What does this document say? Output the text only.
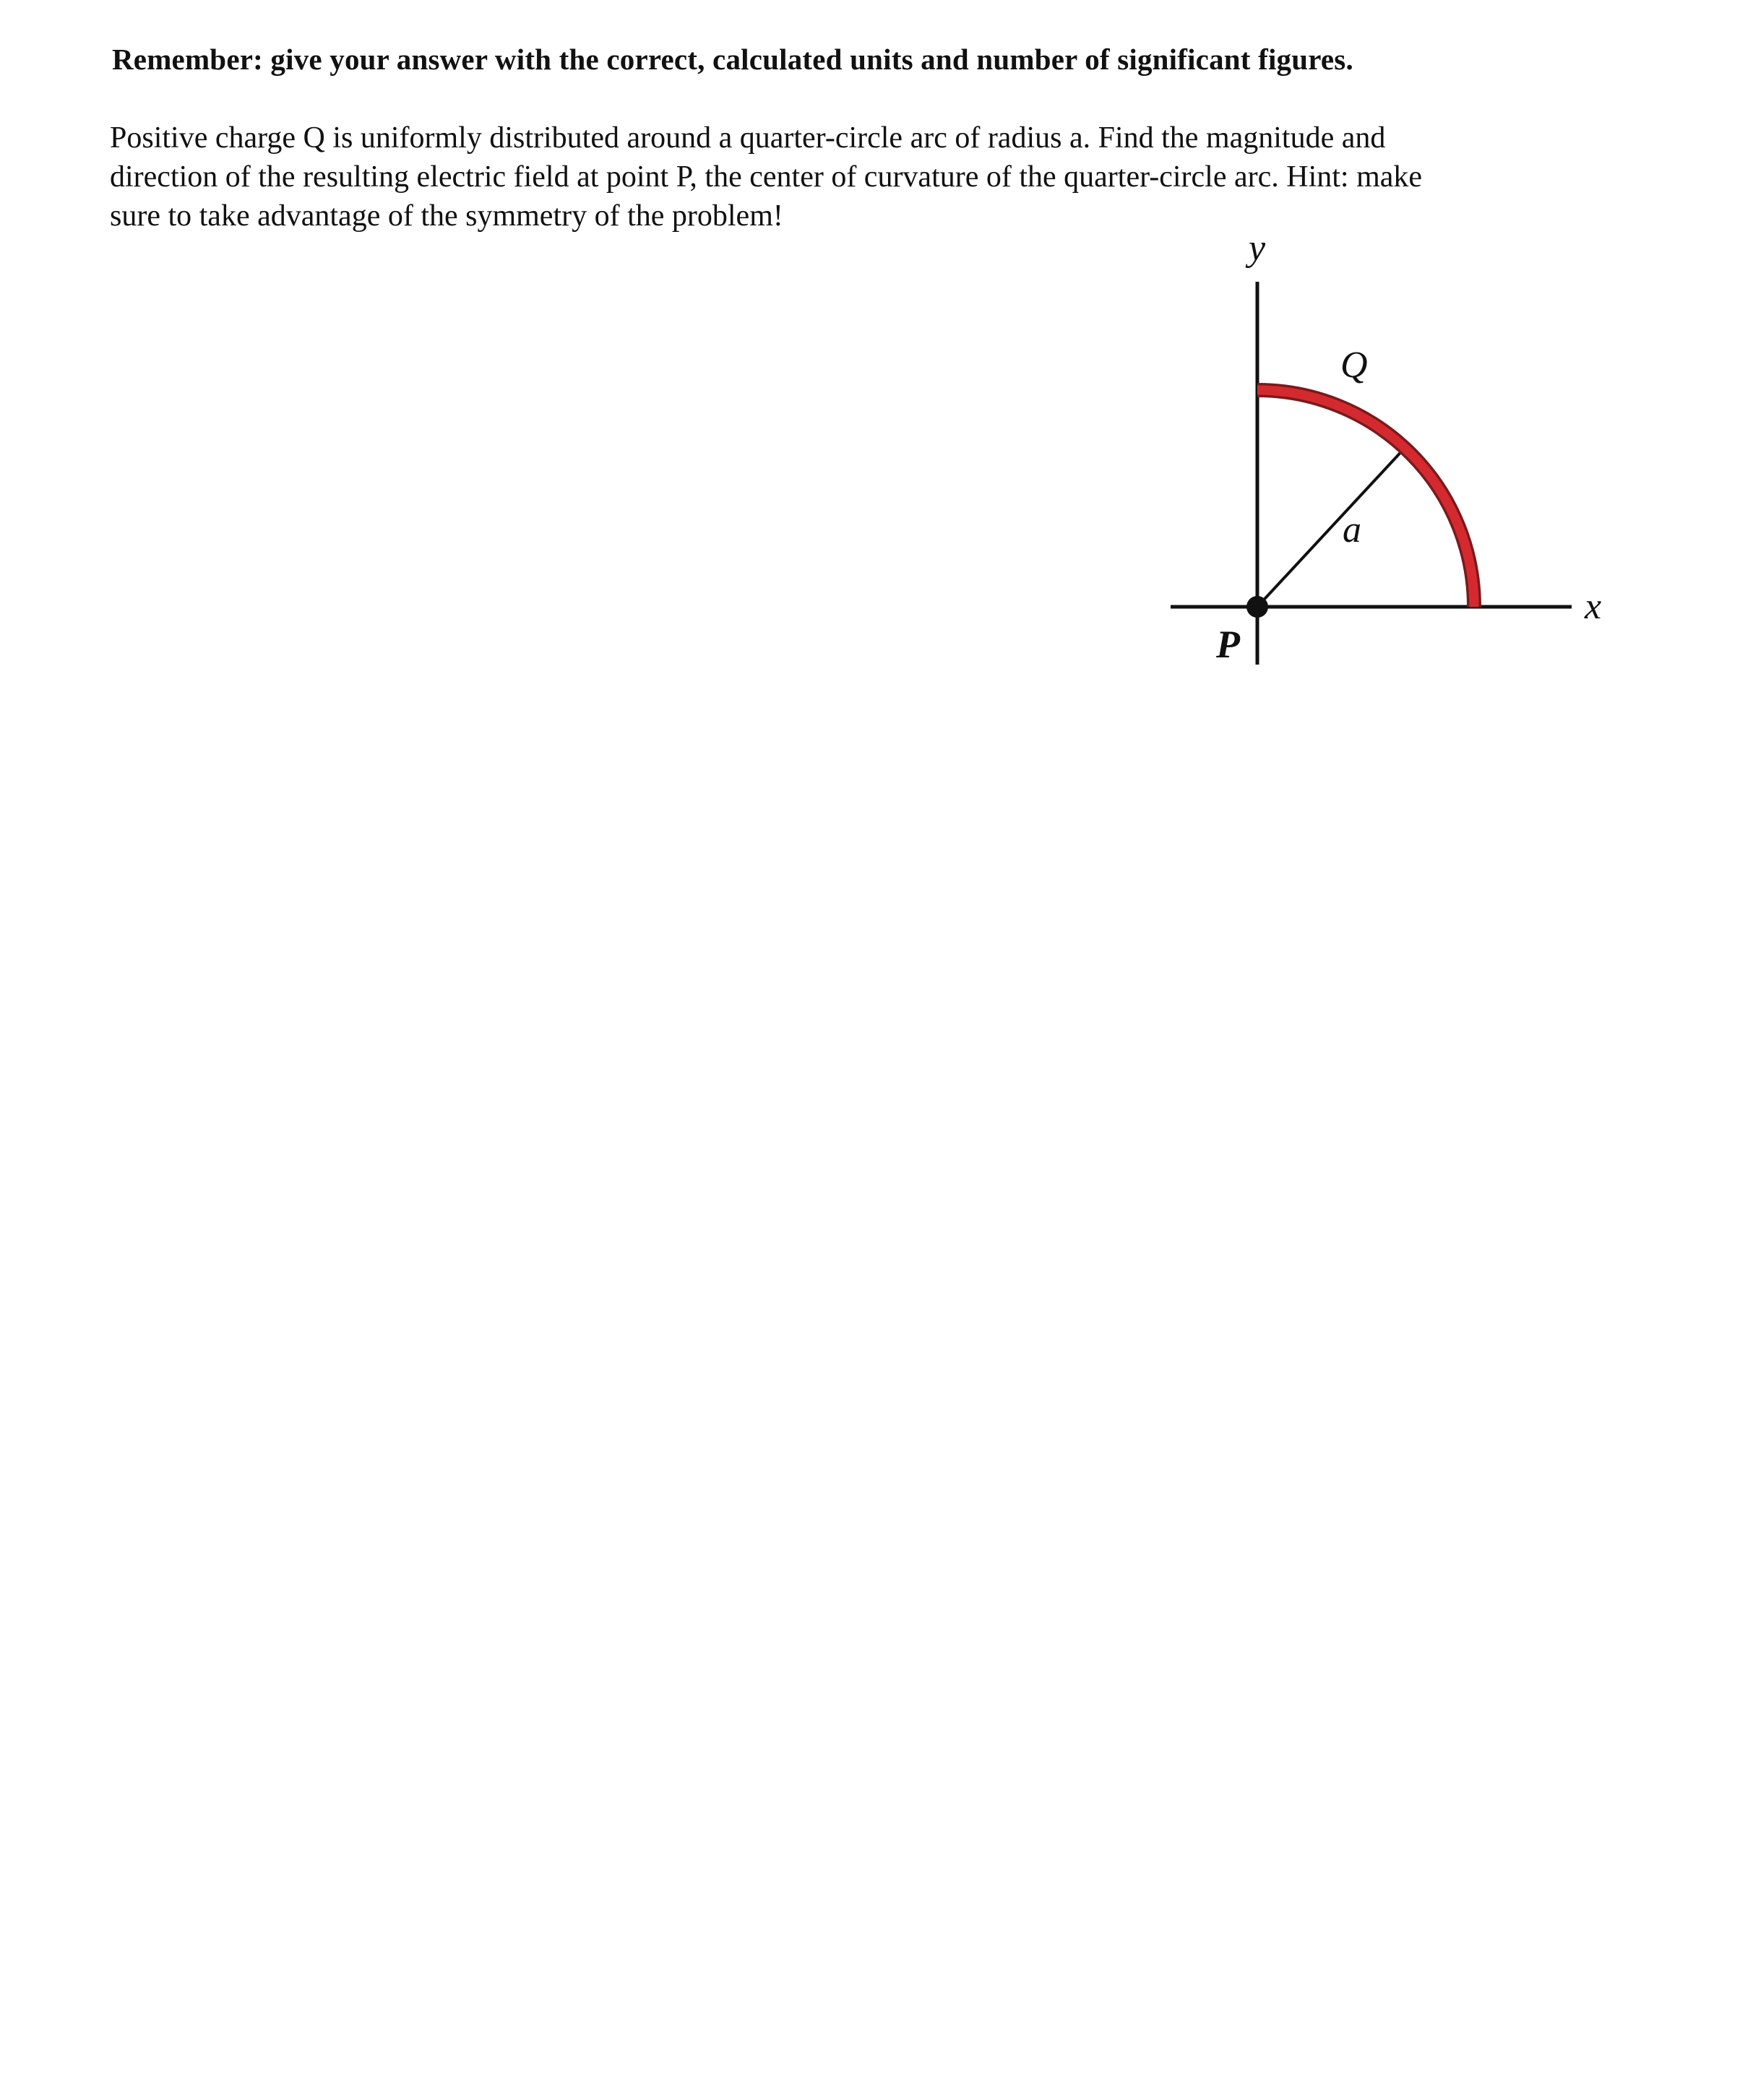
Remember: give your answer with the correct, calculated units and number of significant figures.
Positive charge Q is uniformly distributed around a quarter-circle arc of radius a. Find the magnitude and
direction of the resulting electric field at point P, the center of curvature of the quarter-circle arc. Hint: make
sure to take advantage of the symmetry of the problem!
y
x
Q
a
P
